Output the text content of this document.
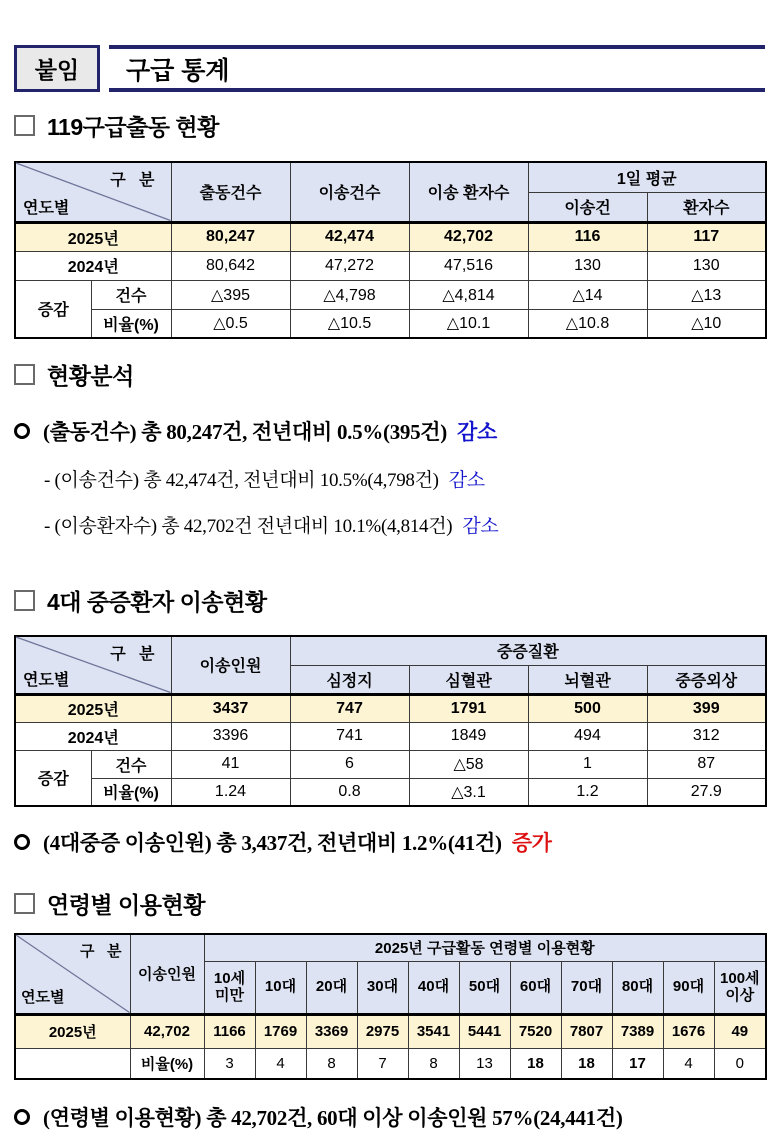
붙임	구급 통계
119구급출동 현황
구   분
연도별		출동건수	이송건수	이송 환자수	1일 평균	
					이송건	환자수
2025년		80,247	42,474	42,702	116	117
2024년		80,642	47,272	47,516	130	130
증감	건수	△395	△4,798	△4,814	△14	△13
	비율(%)	△0.5	△10.5	△10.1	△10.8	△10
현황분석
(출동건수) 총 80,247건, 전년대비 0.5%(395건) 감소
- (이송건수) 총 42,474건, 전년대비 10.5%(4,798건) 감소
- (이송환자수) 총 42,702건 전년대비 10.1%(4,814건) 감소
4대 중증환자 이송현황
구   분
연도별		이송인원	중증질환			
			심정지	심혈관	뇌혈관	중증외상
2025년		3437	747	1791	500	399
2024년		3396	741	1849	494	312
증감	건수	41	6	△58	1	87
	비율(%)	1.24	0.8	△3.1	1.2	27.9
(4대중증 이송인원) 총 3,437건, 전년대비 1.2%(41건) 증가
연령별 이용현황
구   분
연도별	이송인원	2025년 구급활동 연령별 이용현황										
		10세 미만	10대	20대	30대	40대	50대	60대	70대	80대	90대	100세 이상
2025년	42,702	1166	1769	3369	2975	3541	5441	7520	7807	7389	1676	49
	비율(%)	3	4	8	7	8	13	18	18	17	4	0
(연령별 이용현황) 총 42,702건, 60대 이상 이송인원 57%(24,441건)
